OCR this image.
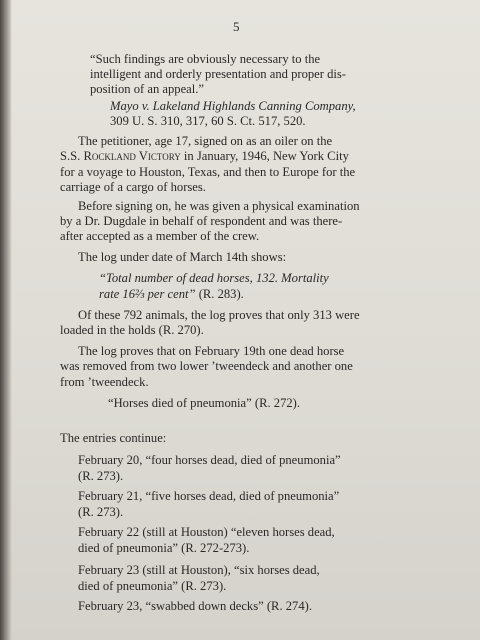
5
“Such findings are obviously necessary to the
intelligent and orderly presentation and proper dis-
position of an appeal.”
Mayo v. Lakeland Highlands Canning Company,
309 U. S. 310, 317, 60 S. Ct. 517, 520.
The petitioner, age 17, signed on as an oiler on the
S.S. Rockland Victory in January, 1946, New York City
for a voyage to Houston, Texas, and then to Europe for the
carriage of a cargo of horses.
Before signing on, he was given a physical examination
by a Dr. Dugdale in behalf of respondent and was there-
after accepted as a member of the crew.
The log under date of March 14th shows:
“Total number of dead horses, 132. Mortality
rate 16⅔ per cent” (R. 283).
Of these 792 animals, the log proves that only 313 were
loaded in the holds (R. 270).
The log proves that on February 19th one dead horse
was removed from two lower ’tweendeck and another one
from ’tweendeck.
“Horses died of pneumonia” (R. 272).
The entries continue:
February 20, “four horses dead, died of pneumonia”
(R. 273).
February 21, “five horses dead, died of pneumonia”
(R. 273).
February 22 (still at Houston) “eleven horses dead,
died of pneumonia” (R. 272-273).
February 23 (still at Houston), “six horses dead,
died of pneumonia” (R. 273).
February 23, “swabbed down decks” (R. 274).
